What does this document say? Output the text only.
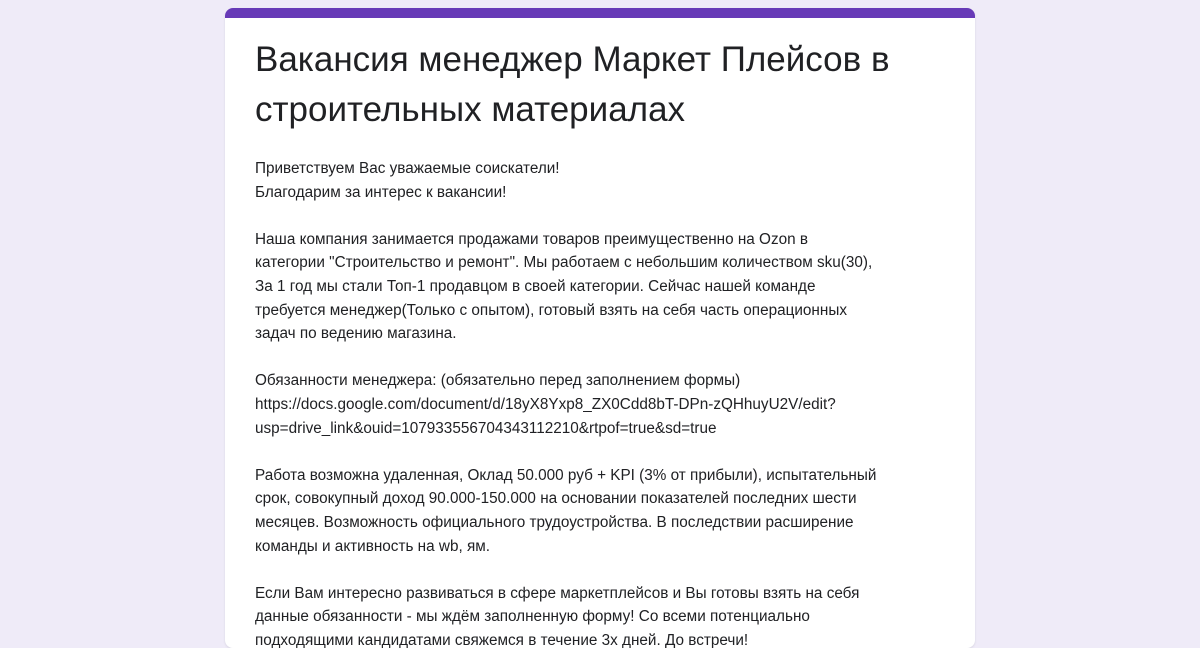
Вакансия менеджер Маркет Плейсов в
строительных материалах
Приветствуем Вас уважаемые соискатели!
Благодарим за интерес к вакансии!
Наша компания занимается продажами товаров преимущественно на Ozon в
категории "Строительство и ремонт". Мы работаем с небольшим количеством sku(30),
За 1 год мы стали Топ-1 продавцом в своей категории. Сейчас нашей команде
требуется менеджер(Только с опытом), готовый взять на себя часть операционных
задач по ведению магазина.
Обязанности менеджера: (обязательно перед заполнением формы)
https://docs.google.com/document/d/18yX8Yxp8_ZX0Cdd8bT-DPn-zQHhuyU2V/edit?
usp=drive_link&ouid=107933556704343112210&rtpof=true&sd=true
Работа возможна удаленная, Оклад 50.000 руб + KPI (3% от прибыли), испытательный
срок, совокупный доход 90.000-150.000 на основании показателей последних шести
месяцев. Возможность официального трудоустройства. В последствии расширение
команды и активность на wb, ям.
Если Вам интересно развиваться в сфере маркетплейсов и Вы готовы взять на себя
данные обязанности - мы ждём заполненную форму! Со всеми потенциально
подходящими кандидатами свяжемся в течение 3х дней. До встречи!
